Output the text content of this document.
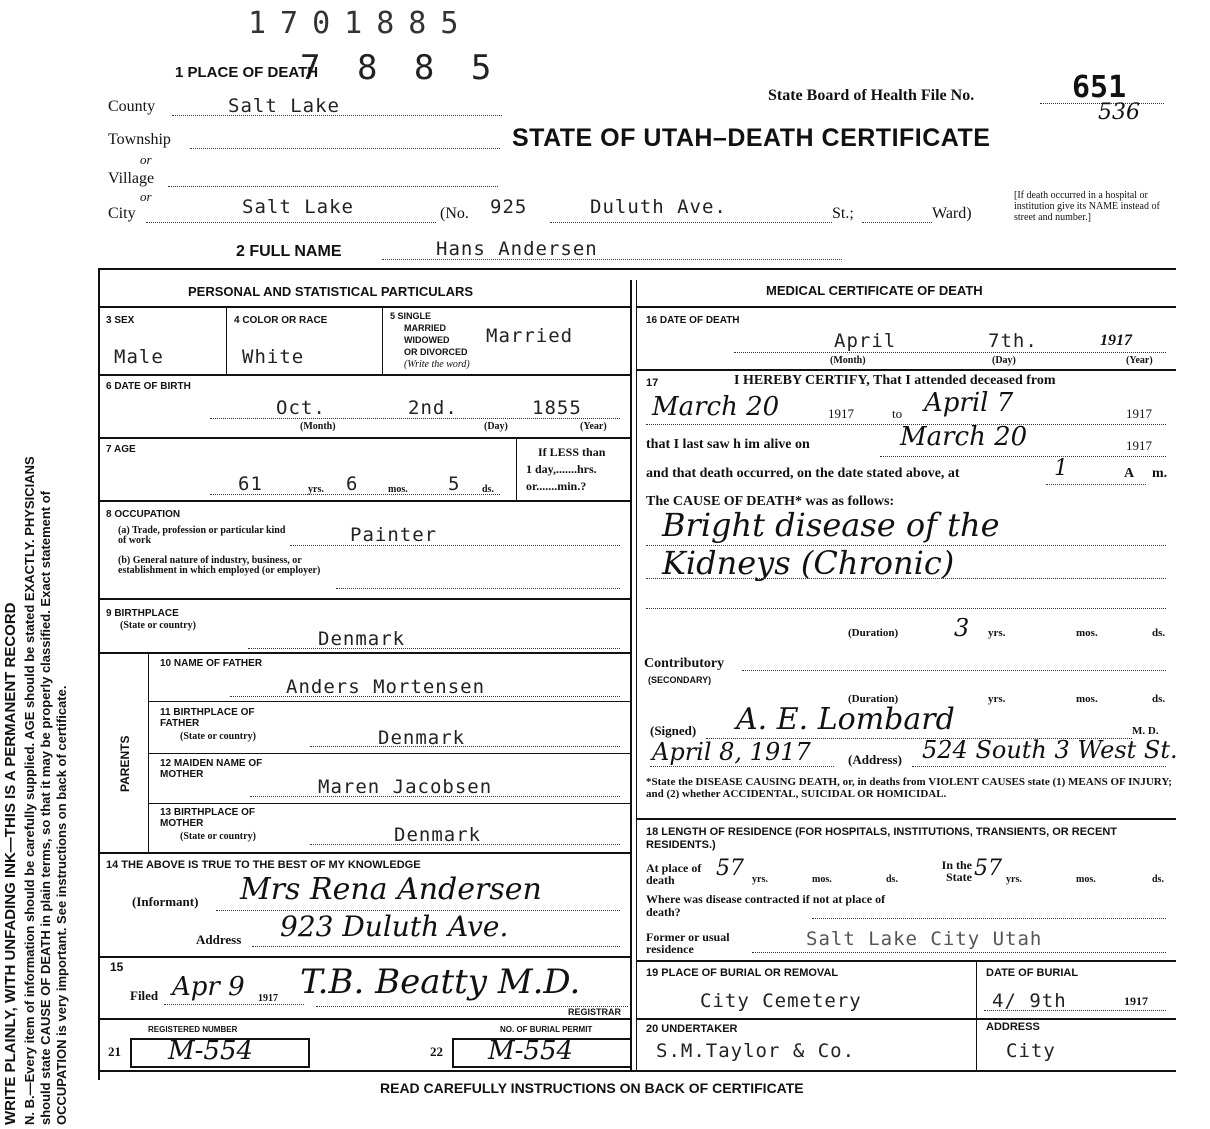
WRITE PLAINLY, WITH UNFADING INK—THIS IS A PERMANENT RECORD N. B.—Every item of information should be carefully supplied. AGE should be stated EXACTLY. PHYSICIANS should state CAUSE OF DEATH in plain terms, so that it may be properly classified. Exact statement of OCCUPATION is very important. See instructions on back of certificate.
1701885
7 8 8 5
1 PLACE OF DEATH
County	Salt Lake
Township
or
Village
or
City	Salt Lake	(No. 925	Duluth Ave.	St.;	Ward)
[If death occurred in a hospital or institution give its NAME instead of street and number.]
2 FULL NAME	Hans Andersen
State Board of Health File No.	651
536
STATE OF UTAH–DEATH CERTIFICATE
PERSONAL AND STATISTICAL PARTICULARS
3 SEX
Male
4 COLOR OR RACE
White
5 SINGLE
MARRIED
WIDOWED
OR DIVORCED
(Write the word)
Married
6 DATE OF BIRTH
Oct.	2nd.	1855
(Month)	(Day)	(Year)
7 AGE
61	yrs. 6	mos. 5 ds.
If LESS than
1 day,.......hrs.
or.......min.?
8 OCCUPATION
(a) Trade, profession or particular kind of work	Painter
(b) General nature of industry, business, or establishment in which employed (or employer)
9 BIRTHPLACE
(State or country)
Denmark
PARENTS
10 NAME OF FATHER
Anders Mortensen
11 BIRTHPLACE OF FATHER
(State or country)	Denmark
12 MAIDEN NAME OF MOTHER
Maren Jacobsen
13 BIRTHPLACE OF MOTHER
(State or country)	Denmark
14 THE ABOVE IS TRUE TO THE BEST OF MY KNOWLEDGE
(Informant) Mrs Rena Andersen
Address 923 Duluth Ave.
15
Filed Apr 9 1917 T.B. Beatty M.D.
REGISTRAR
REGISTERED NUMBER	NO. OF BURIAL PERMIT
21 M-554	22 M-554
MEDICAL CERTIFICATE OF DEATH
16 DATE OF DEATH
April	7th.	1917
(Month)	(Day)	(Year)
17	I HEREBY CERTIFY, That I attended deceased from
March 20	1917	to April 7	1917
that I last saw h im alive on	March 20	1917
and that death occurred, on the date stated above, at	1	A m.
The CAUSE OF DEATH* was as follows:
Bright disease of the
Kidneys (Chronic)
(Duration) 3 yrs.	mos.	ds.
Contributory
(SECONDARY)
(Duration)	yrs.	mos.	ds.
(Signed) A. E. Lombard	M. D.
April 8, 1917	(Address) 524 South 3 West St.
*State the DISEASE CAUSING DEATH, or, in deaths from VIOLENT CAUSES state (1) MEANS OF INJURY; and (2) whether ACCIDENTAL, SUICIDAL OR HOMICIDAL.
18 LENGTH OF RESIDENCE (FOR HOSPITALS, INSTITUTIONS, TRANSIENTS, OR RECENT RESIDENTS.)
At place of death	57 yrs.	mos.	ds.
In the State 57 yrs.	mos.	ds.
Where was disease contracted if not at place of death?
Former or usual residence	Salt Lake City Utah
19 PLACE OF BURIAL OR REMOVAL
City Cemetery
DATE OF BURIAL
4/ 9th	1917
20 UNDERTAKER
S.M.Taylor & Co.
ADDRESS
City
READ CAREFULLY INSTRUCTIONS ON BACK OF CERTIFICATE
